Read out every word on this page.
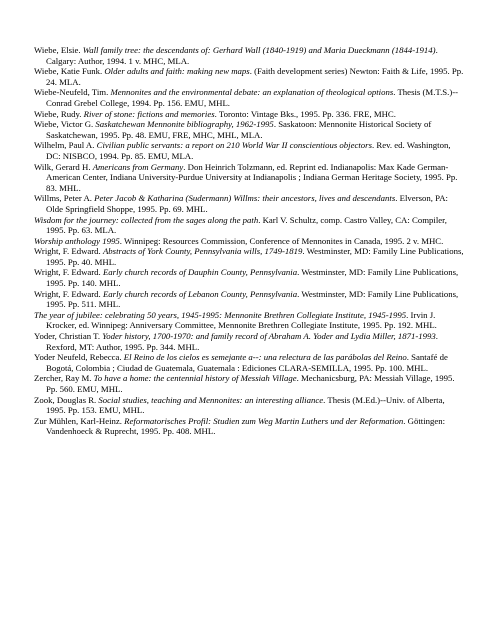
Wiebe, Elsie. Wall family tree: the descendants of: Gerhard Wall (1840-1919) and Maria Dueckmann (1844-1914). Calgary: Author, 1994. 1 v. MHC, MLA.

Wiebe, Katie Funk. Older adults and faith: making new maps. (Faith development series) Newton: Faith & Life, 1995. Pp. 24. MLA.

Wiebe-Neufeld, Tim. Mennonites and the environmental debate: an explanation of theological options. Thesis (M.T.S.)--Conrad Grebel College, 1994. Pp. 156. EMU, MHL.

Wiebe, Rudy. River of stone: fictions and memories. Toronto: Vintage Bks., 1995. Pp. 336. FRE, MHC.

Wiebe, Victor G. Saskatchewan Mennonite bibliography, 1962-1995. Saskatoon: Mennonite Historical Society of Saskatchewan, 1995. Pp. 48. EMU, FRE, MHC, MHL, MLA.

Wilhelm, Paul A. Civilian public servants: a report on 210 World War II conscientious objectors. Rev. ed. Washington, DC: NISBCO, 1994. Pp. 85. EMU, MLA.

Wilk, Gerard H. Americans from Germany. Don Heinrich Tolzmann, ed. Reprint ed. Indianapolis: Max Kade German-American Center, Indiana University-Purdue University at Indianapolis ; Indiana German Heritage Society, 1995. Pp. 83. MHL.

Willms, Peter A. Peter Jacob & Katharina (Sudermann) Willms: their ancestors, lives and descendants. Elverson, PA: Olde Springfield Shoppe, 1995. Pp. 69. MHL.

Wisdom for the journey: collected from the sages along the path. Karl V. Schultz, comp. Castro Valley, CA: Compiler, 1995. Pp. 63. MLA.

Worship anthology 1995. Winnipeg: Resources Commission, Conference of Mennonites in Canada, 1995. 2 v. MHC.

Wright, F. Edward. Abstracts of York County, Pennsylvania wills, 1749-1819. Westminster, MD: Family Line Publications, 1995. Pp. 40. MHL.

Wright, F. Edward. Early church records of Dauphin County, Pennsylvania. Westminster, MD: Family Line Publications, 1995. Pp. 140. MHL.

Wright, F. Edward. Early church records of Lebanon County, Pennsylvania. Westminster, MD: Family Line Publications, 1995. Pp. 511. MHL.

The year of jubilee: celebrating 50 years, 1945-1995: Mennonite Brethren Collegiate Institute, 1945-1995. Irvin J. Krocker, ed. Winnipeg: Anniversary Committee, Mennonite Brethren Collegiate Institute, 1995. Pp. 192. MHL.

Yoder, Christian T. Yoder history, 1700-1970: and family record of Abraham A. Yoder and Lydia Miller, 1871-1993. Rexford, MT: Author, 1995. Pp. 344. MHL.

Yoder Neufeld, Rebecca. El Reino de los cielos es semejante a--: una relectura de las parábolas del Reino. Santafé de Bogotá, Colombia ; Ciudad de Guatemala, Guatemala : Ediciones CLARA-SEMILLA, 1995. Pp. 100. MHL.

Zercher, Ray M. To have a home: the centennial history of Messiah Village. Mechanicsburg, PA: Messiah Village, 1995. Pp. 560. EMU, MHL.

Zook, Douglas R. Social studies, teaching and Mennonites: an interesting alliance. Thesis (M.Ed.)--Univ. of Alberta, 1995. Pp. 153. EMU, MHL.

Zur Mühlen, Karl-Heinz. Reformatorisches Profil: Studien zum Weg Martin Luthers und der Reformation. Göttingen: Vandenhoeck & Ruprecht, 1995. Pp. 408. MHL.
